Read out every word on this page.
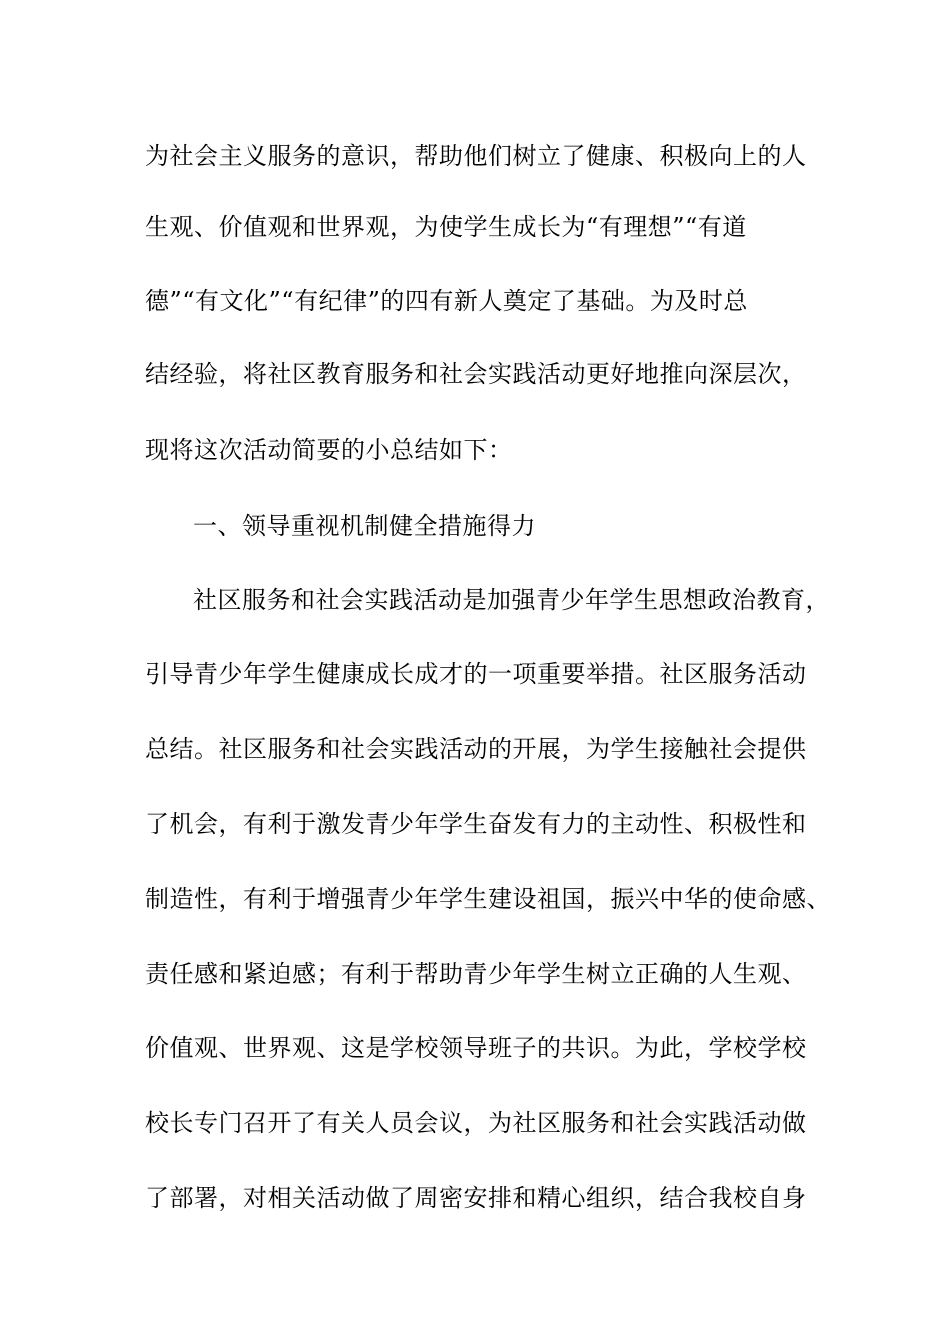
为社会主义服务的意识，帮助他们树立了健康、积极向上的人
生观、价值观和世界观，为使学生成长为“有理想”“有道
德”“有文化”“有纪律”的四有新人奠定了基础。为及时总
结经验，将社区教育服务和社会实践活动更好地推向深层次，
现将这次活动简要的小总结如下：
一、领导重视机制健全措施得力
社区服务和社会实践活动是加强青少年学生思想政治教育，
引导青少年学生健康成长成才的一项重要举措。社区服务活动
总结。社区服务和社会实践活动的开展，为学生接触社会提供
了机会，有利于激发青少年学生奋发有力的主动性、积极性和
制造性，有利于增强青少年学生建设祖国，振兴中华的使命感、
责任感和紧迫感；有利于帮助青少年学生树立正确的人生观、
价值观、世界观、这是学校领导班子的共识。为此，学校学校
校长专门召开了有关人员会议，为社区服务和社会实践活动做
了部署，对相关活动做了周密安排和精心组织，结合我校自身
